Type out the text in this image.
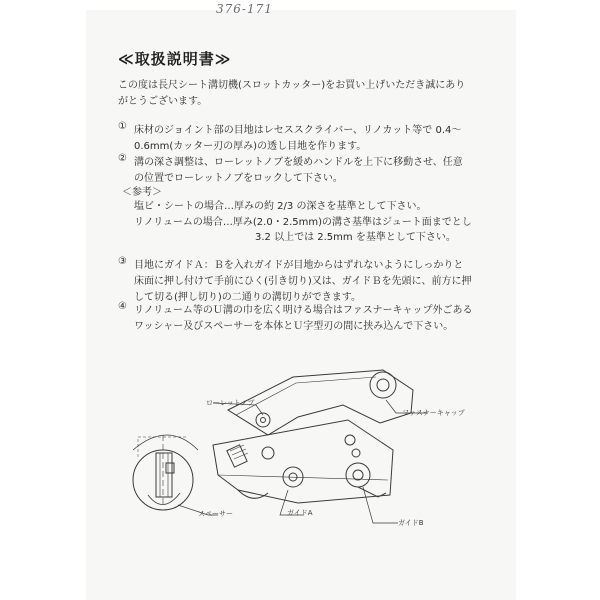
376-171
≪取扱説明書≫
この度は長尺シート溝切機(スロットカッター)をお買い上げいただき誠にあり
がとうございます。
① 床材のジョイント部の目地はレセススクライバー、リノカット等で 0.4～
0.6mm(カッター刃の厚み)の透し目地を作ります。
② 溝の深さ調整は、ローレットノブを緩めハンドルを上下に移動させ、任意
の位置でローレットノブをロックして下さい。
＜参考＞
塩ビ・シートの場合…厚みの約 2/3 の深さを基準として下さい。
リノリュームの場合…厚み(2.0・2.5mm)の溝さ基準はジュート面までとし
3.2 以上では 2.5mm を基準として下さい。
③ 目地にガイドＡ：Ｂを入れガイドが目地からはずれないようにしっかりと
床面に押し付けて手前にひく(引き切り)又は、ガイドＢを先頭に、前方に押
して切る(押し切り)の二通りの溝切りができます。
④ リノリューム等のＵ溝の巾を広く明ける場合はファスナーキャップ外ごある
ワッシャー及びスペーサーを本体とＵ字型刃の間に挟み込んで下さい。
ローレットノブ
ファスナーキャップ
スペーサー	ガイドA
ガイドB
